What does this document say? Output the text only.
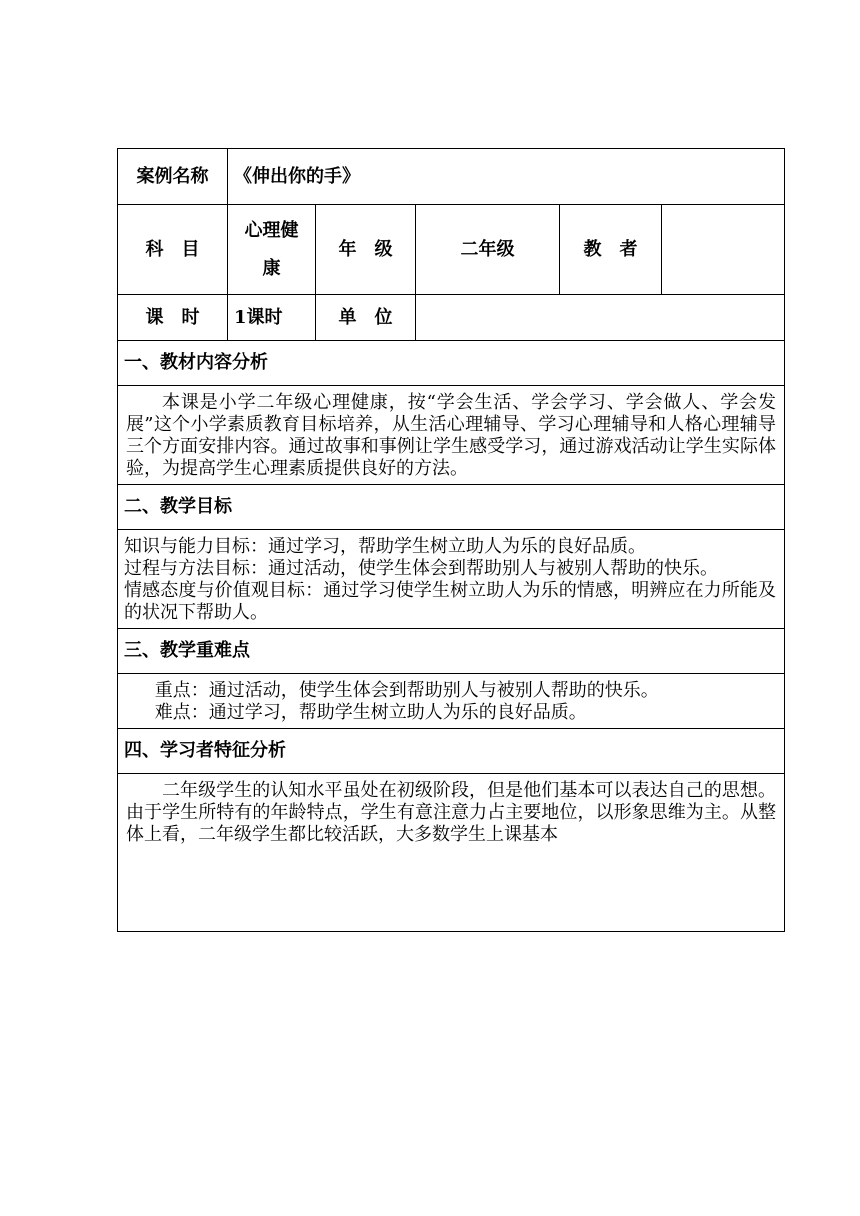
案例名称	《伸出你的手》				
科　目	心理健康	年　级	二年级	教　者	
课　时	1课时	单　位			
一、教材内容分析					

本课是小学二年级心理健康，按“学会生活、学会学习、学会做人、学会发展”这个小学素质教育目标培养，从生活心理辅导、学习心理辅导和人格心理辅导三个方面安排内容。通过故事和事例让学生感受学习，通过游戏活动让学生实际体验，为提高学生心理素质提供良好的方法。					

二、教学目标					

知识与能力目标：通过学习，帮助学生树立助人为乐的良好品质。

过程与方法目标：通过活动，使学生体会到帮助别人与被别人帮助的快乐。

情感态度与价值观目标：通过学习使学生树立助人为乐的情感，明辨应在力所能及的状况下帮助人。					

三、教学重难点					

重点：通过活动，使学生体会到帮助别人与被别人帮助的快乐。

难点：通过学习，帮助学生树立助人为乐的良好品质。					

四、学习者特征分析					

二年级学生的认知水平虽处在初级阶段，但是他们基本可以表达自己的思想。由于学生所特有的年龄特点，学生有意注意力占主要地位，以形象思维为主。从整体上看，二年级学生都比较活跃，大多数学生上课基本					
